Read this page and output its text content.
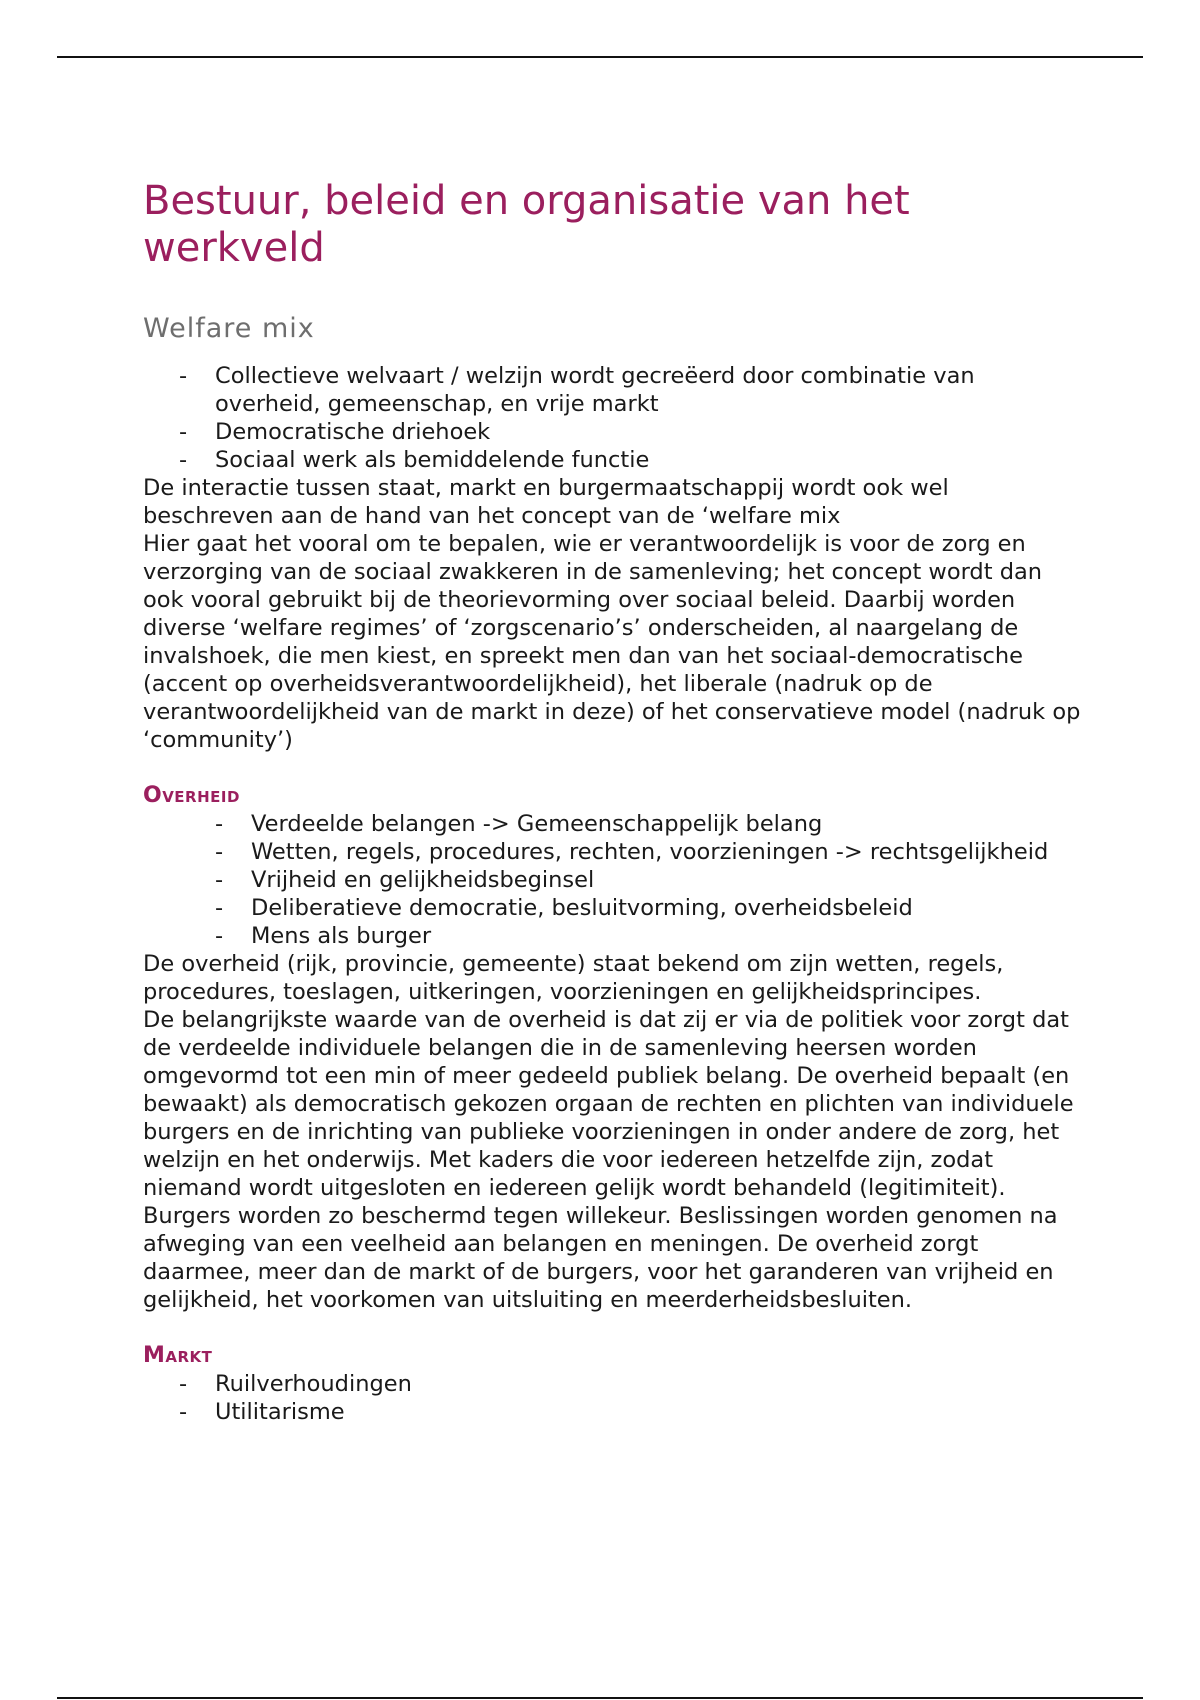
Bestuur, beleid en organisatie van het werkveld
Welfare mix
- Collectieve welvaart / welzijn wordt gecreëerd door combinatie van overheid, gemeenschap, en vrije markt
- Democratische driehoek
- Sociaal werk als bemiddelende functie

De interactie tussen staat, markt en burgermaatschappij wordt ook wel beschreven aan de hand van het concept van de ‘welfare mix

Hier gaat het vooral om te bepalen, wie er verantwoordelijk is voor de zorg en verzorging van de sociaal zwakkeren in de samenleving; het concept wordt dan ook vooral gebruikt bij de theorievorming over sociaal beleid. Daarbij worden diverse ‘welfare regimes’ of ‘zorgscenario’s’ onderscheiden, al naargelang de invalshoek, die men kiest, en spreekt men dan van het sociaal-democratische (accent op overheidsverantwoordelijkheid), het liberale (nadruk op de verantwoordelijkheid van de markt in deze) of het conservatieve model (nadruk op ‘community’)

Overheid
- Verdeelde belangen -> Gemeenschappelijk belang
- Wetten, regels, procedures, rechten, voorzieningen -> rechtsgelijkheid
- Vrijheid en gelijkheidsbeginsel
- Deliberatieve democratie, besluitvorming, overheidsbeleid
- Mens als burger

De overheid (rijk, provincie, gemeente) staat bekend om zijn wetten, regels, procedures, toeslagen, uitkeringen, voorzieningen en gelijkheidsprincipes.

De belangrijkste waarde van de overheid is dat zij er via de politiek voor zorgt dat de verdeelde individuele belangen die in de samenleving heersen worden omgevormd tot een min of meer gedeeld publiek belang. De overheid bepaalt (en bewaakt) als democratisch gekozen orgaan de rechten en plichten van individuele burgers en de inrichting van publieke voorzieningen in onder andere de zorg, het welzijn en het onderwijs. Met kaders die voor iedereen hetzelfde zijn, zodat niemand wordt uitgesloten en iedereen gelijk wordt behandeld (legitimiteit). Burgers worden zo beschermd tegen willekeur. Beslissingen worden genomen na afweging van een veelheid aan belangen en meningen. De overheid zorgt daarmee, meer dan de markt of de burgers, voor het garanderen van vrijheid en gelijkheid, het voorkomen van uitsluiting en meerderheidsbesluiten.

Markt
- Ruilverhoudingen
- Utilitarisme
